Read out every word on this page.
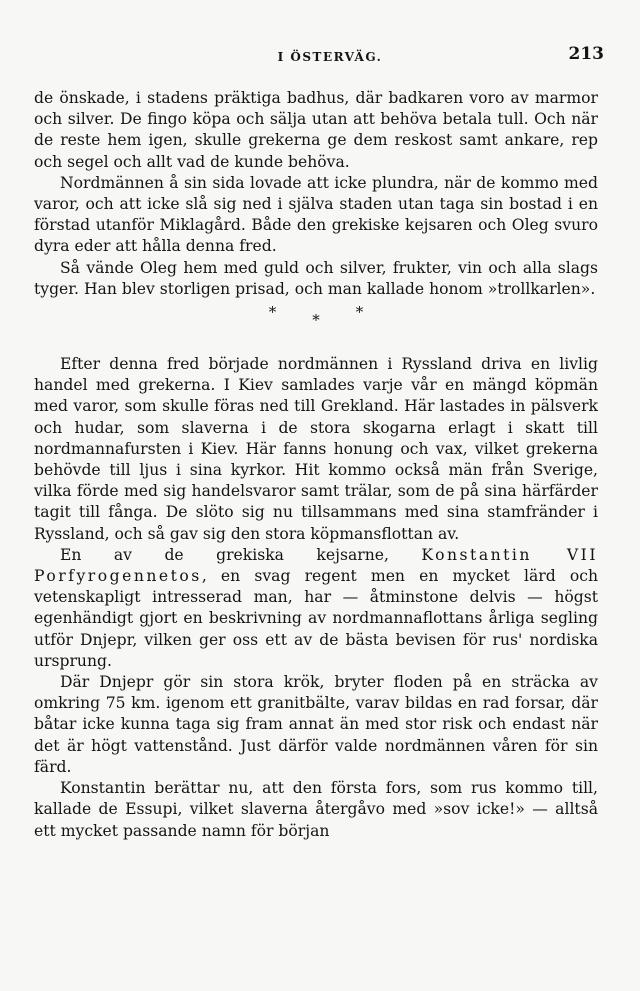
I ÖSTERVÄG.	213

de önskade, i stadens präktiga badhus, där badkaren voro av marmor och silver. De fingo köpa och sälja utan att behöva betala tull. Och när de reste hem igen, skulle grekerna ge dem reskost samt ankare, rep och segel och allt vad de kunde behöva.

Nordmännen å sin sida lovade att icke plundra, när de kommo med varor, och att icke slå sig ned i själva staden utan taga sin bostad i en förstad utanför Miklagård. Både den grekiske kejsaren och Oleg svuro dyra eder att hålla denna fred.

Så vände Oleg hem med guld och silver, frukter, vin och alla slags tyger. Han blev storligen prisad, och man kallade honom »trollkarlen».

* * *

Efter denna fred började nordmännen i Ryssland driva en livlig handel med grekerna. I Kiev samlades varje vår en mängd köpmän med varor, som skulle föras ned till Grekland. Här lastades in pälsverk och hudar, som slaverna i de stora skogarna erlagt i skatt till nordmannafursten i Kiev. Här fanns honung och vax, vilket grekerna behövde till ljus i sina kyrkor. Hit kommo också män från Sverige, vilka förde med sig handelsvaror samt trälar, som de på sina härfärder tagit till fånga. De slöto sig nu tillsammans med sina stamfränder i Ryssland, och så gav sig den stora köpmansflottan av.

En av de grekiska kejsarne, Konstantin VII Porfyrogennetos, en svag regent men en mycket lärd och vetenskapligt intresserad man, har — åtminstone delvis — högst egenhändigt gjort en beskrivning av nordmannaflottans årliga segling utför Dnjepr, vilken ger oss ett av de bästa bevisen för rus' nordiska ursprung.

Där Dnjepr gör sin stora krök, bryter floden på en sträcka av omkring 75 km. igenom ett granitbälte, varav bildas en rad forsar, där båtar icke kunna taga sig fram annat än med stor risk och endast när det är högt vattenstånd. Just därför valde nordmännen våren för sin färd.

Konstantin berättar nu, att den första fors, som rus kommo till, kallade de Essupi, vilket slaverna återgåvo med »sov icke!» — alltså ett mycket passande namn för början
